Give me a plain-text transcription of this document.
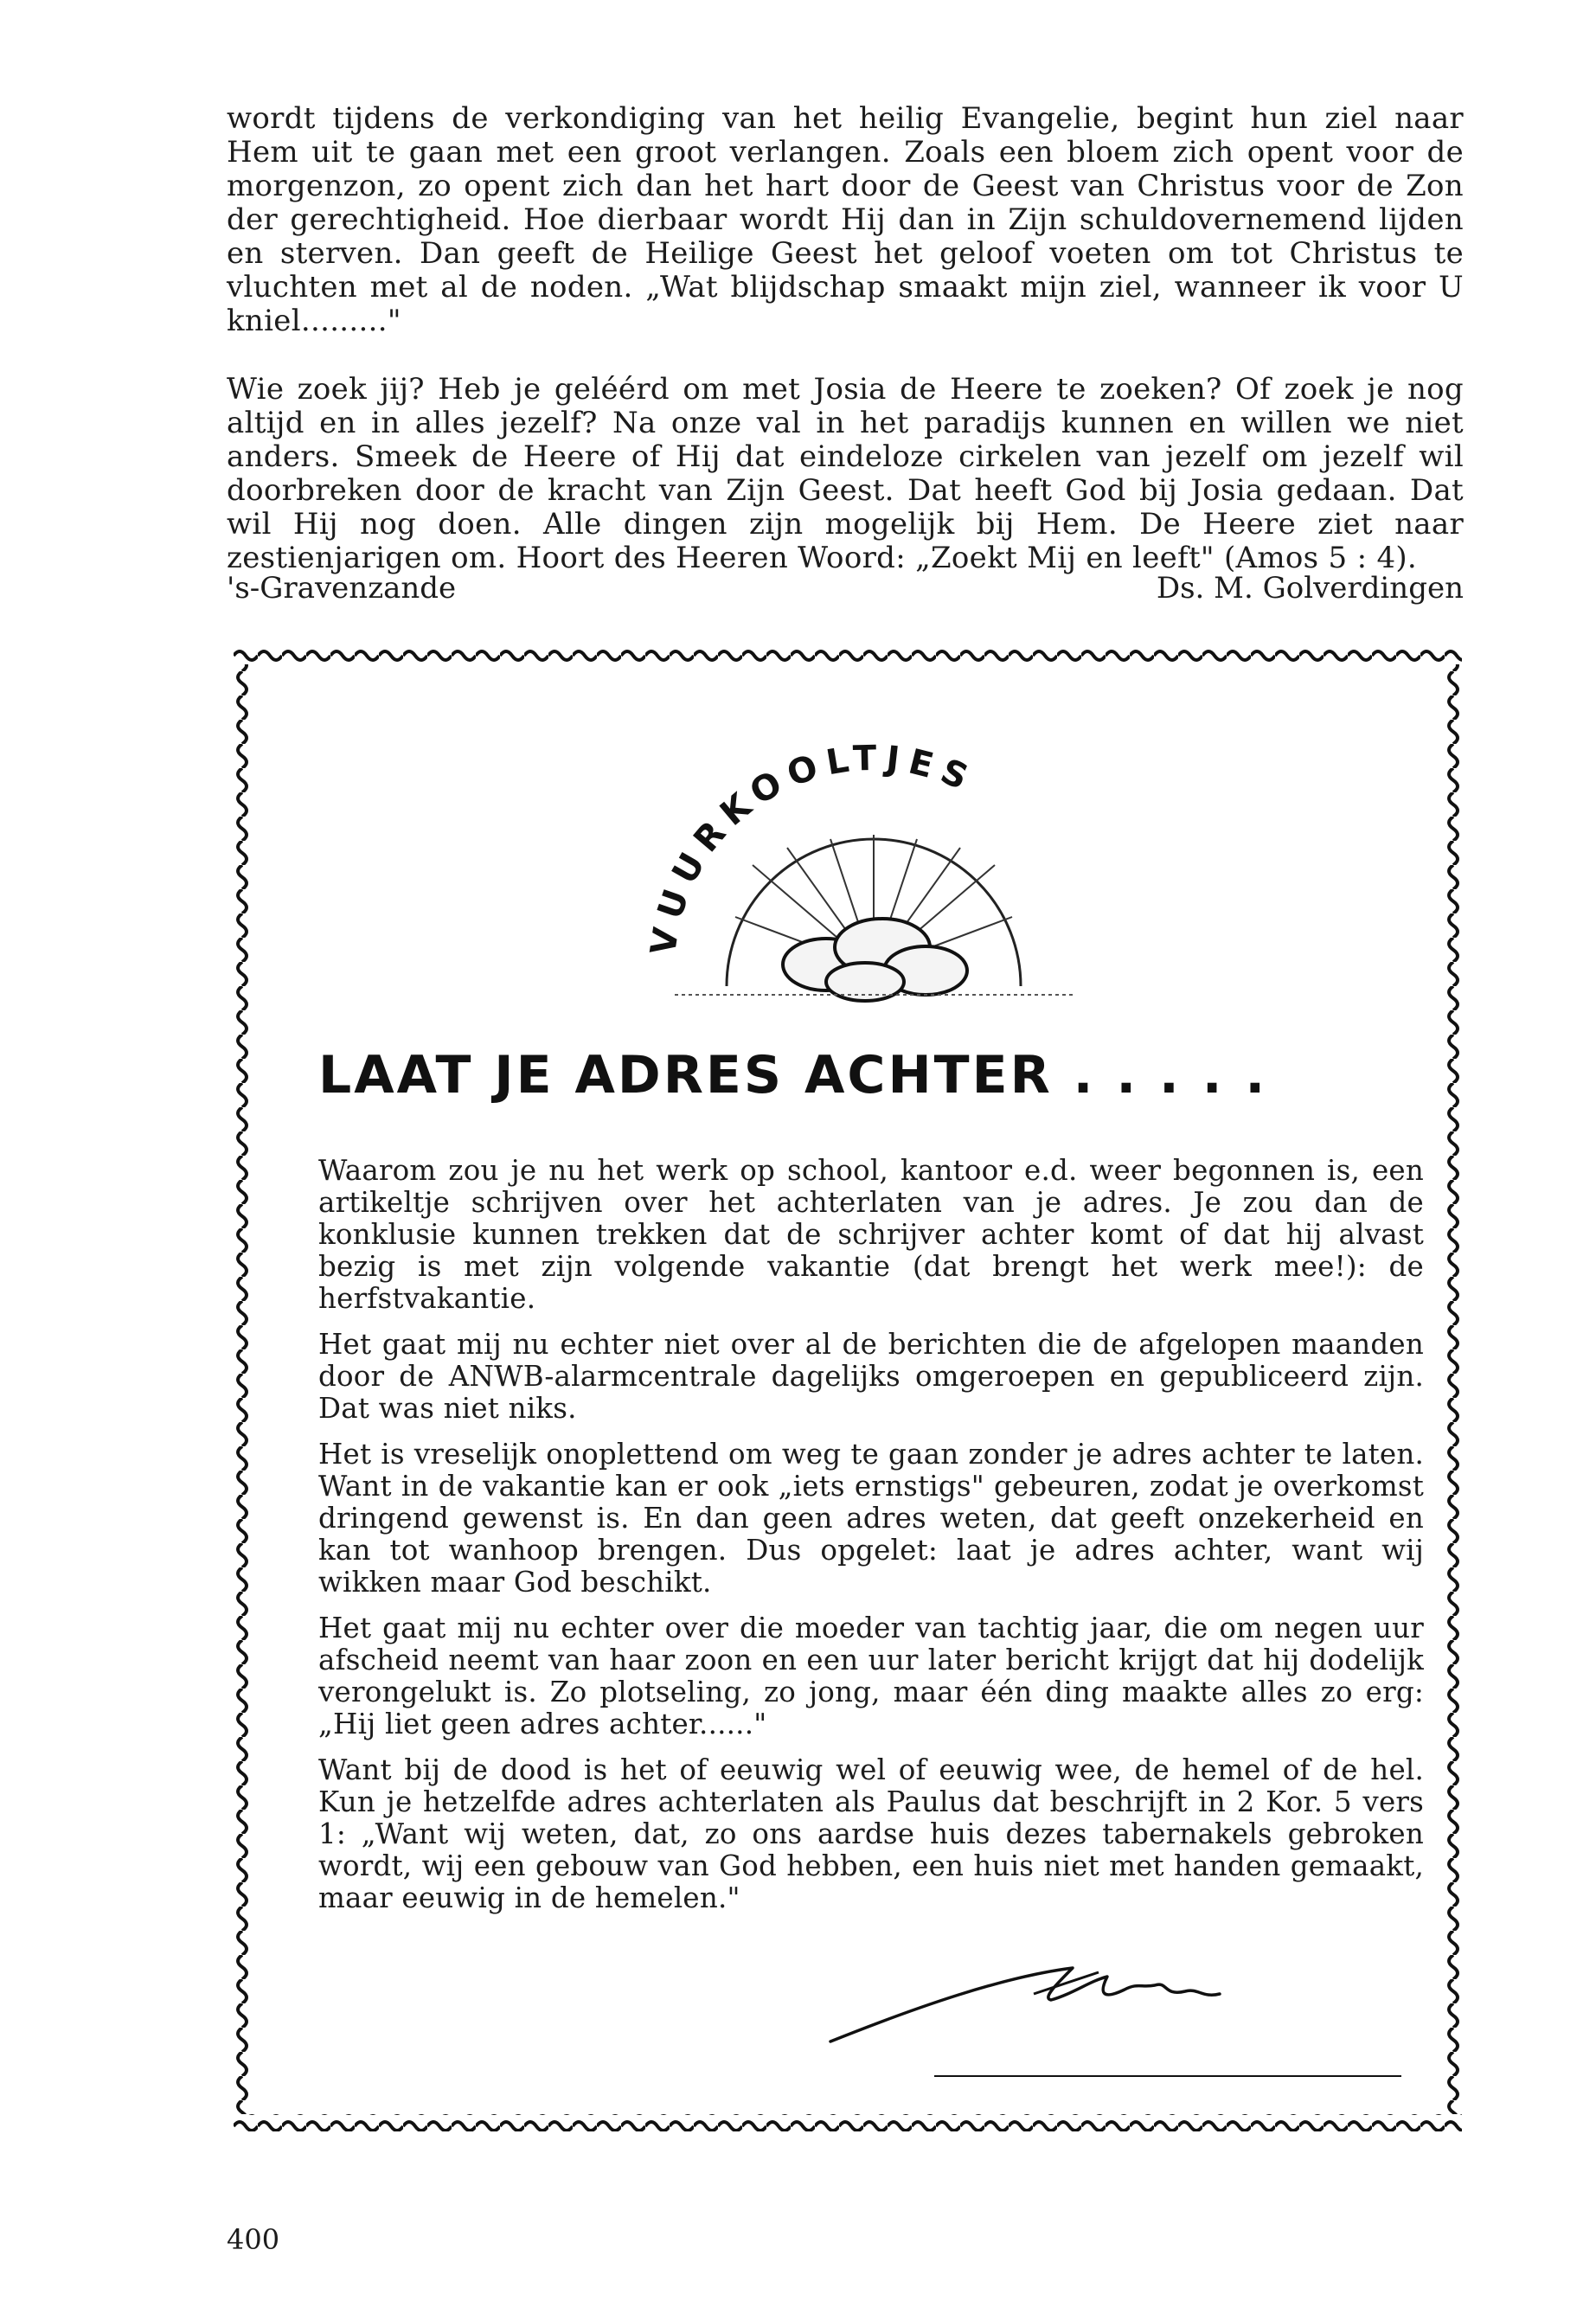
wordt tijdens de verkondiging van het heilig Evangelie, begint hun ziel naar Hem uit te gaan met een groot verlangen. Zoals een bloem zich opent voor de morgenzon, zo opent zich dan het hart door de Geest van Christus voor de Zon der gerechtigheid. Hoe dierbaar wordt Hij dan in Zijn schuldovernemend lijden en sterven. Dan geeft de Heilige Geest het geloof voeten om tot Christus te vluchten met al de noden. „Wat blijdschap smaakt mijn ziel, wanneer ik voor U kniel........."

Wie zoek jij? Heb je geléérd om met Josia de Heere te zoeken? Of zoek je nog altijd en in alles jezelf? Na onze val in het paradijs kunnen en willen we niet anders. Smeek de Heere of Hij dat eindeloze cirkelen van jezelf om jezelf wil doorbreken door de kracht van Zijn Geest. Dat heeft God bij Josia gedaan. Dat wil Hij nog doen. Alle dingen zijn mogelijk bij Hem. De Heere ziet naar zestienjarigen om. Hoort des Heeren Woord: „Zoekt Mij en leeft" (Amos 5 : 4).

's-Gravenzande	Ds. M. Golverdingen
VUURKOOLTJES
LAAT JE ADRES ACHTER . . . . .

Waarom zou je nu het werk op school, kantoor e.d. weer begonnen is, een artikeltje schrijven over het achterlaten van je adres. Je zou dan de konklusie kunnen trekken dat de schrijver achter komt of dat hij alvast bezig is met zijn volgende vakantie (dat brengt het werk mee!): de herfstvakantie.

Het gaat mij nu echter niet over al de berichten die de afgelopen maanden door de ANWB-alarmcentrale dagelijks omgeroepen en gepubliceerd zijn. Dat was niet niks.

Het is vreselijk onoplettend om weg te gaan zonder je adres achter te laten. Want in de vakantie kan er ook „iets ernstigs" gebeuren, zodat je overkomst dringend gewenst is. En dan geen adres weten, dat geeft onzekerheid en kan tot wanhoop brengen. Dus opgelet: laat je adres achter, want wij wikken maar God beschikt.

Het gaat mij nu echter over die moeder van tachtig jaar, die om negen uur afscheid neemt van haar zoon en een uur later bericht krijgt dat hij dodelijk verongelukt is. Zo plotseling, zo jong, maar één ding maakte alles zo erg: „Hij liet geen adres achter......"

Want bij de dood is het of eeuwig wel of eeuwig wee, de hemel of de hel. Kun je hetzelfde adres achterlaten als Paulus dat beschrijft in 2 Kor. 5 vers 1: „Want wij weten, dat, zo ons aardse huis dezes tabernakels gebroken wordt, wij een gebouw van God hebben, een huis niet met handen gemaakt, maar eeuwig in de hemelen."

400
